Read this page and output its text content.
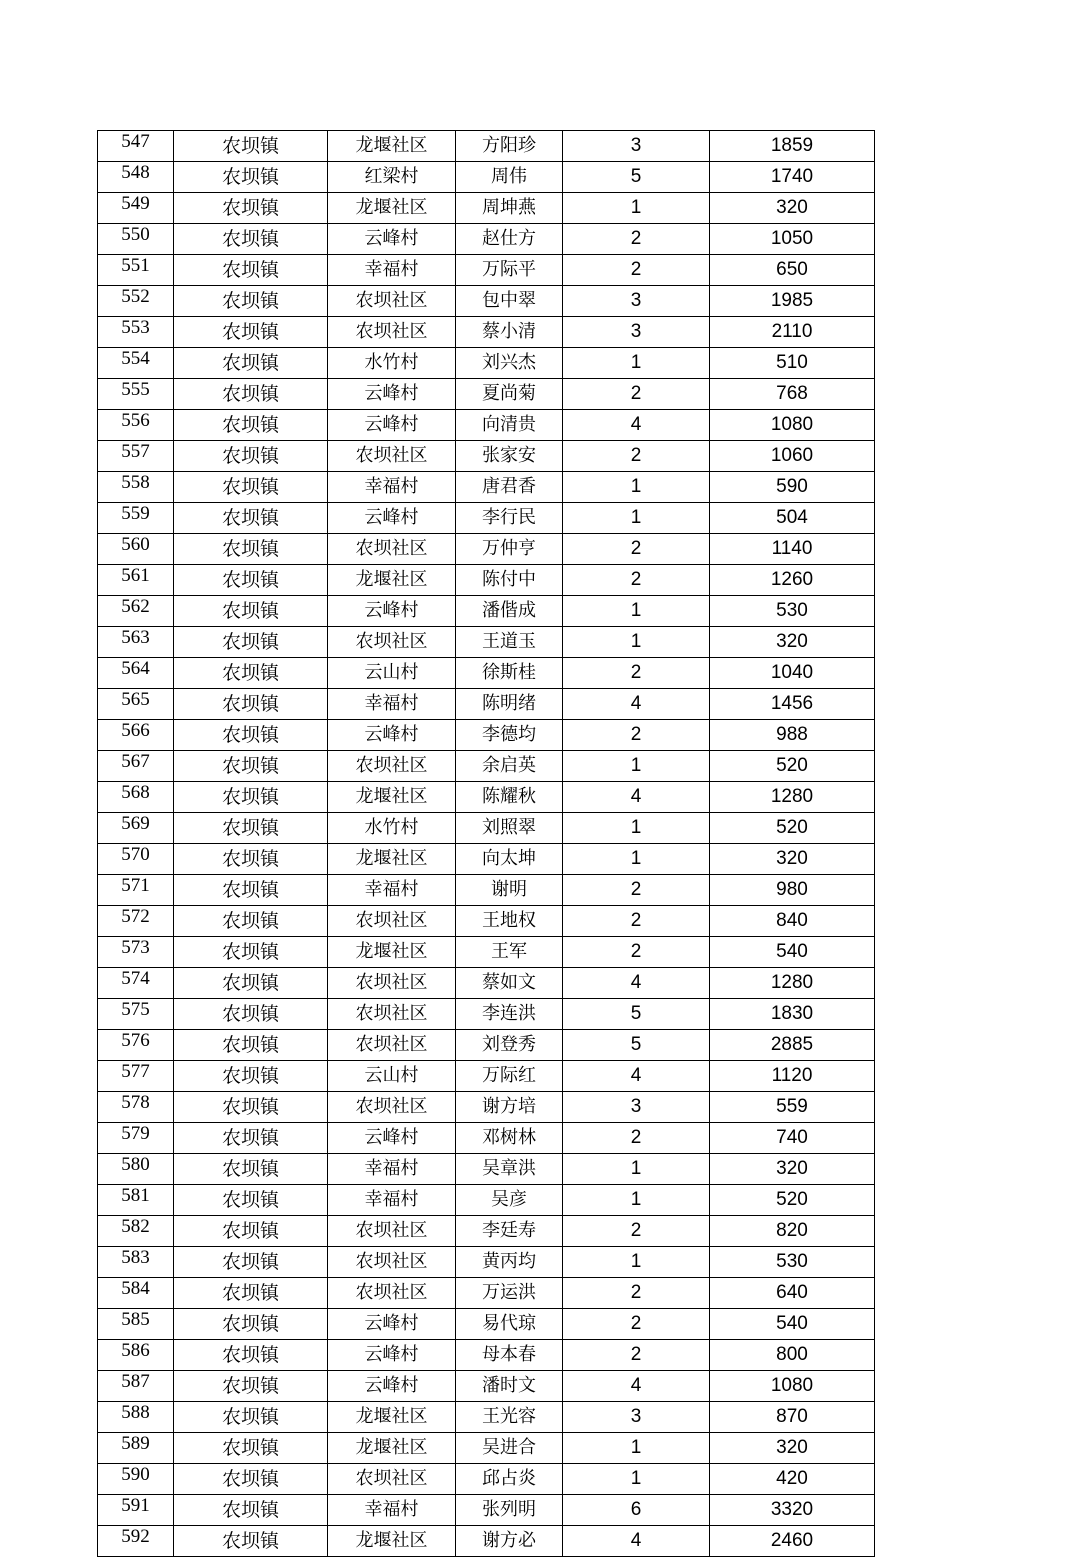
547	农坝镇	龙堰社区	方阳珍	3	1859
548	农坝镇	红梁村	周伟	5	1740
549	农坝镇	龙堰社区	周坤燕	1	320
550	农坝镇	云峰村	赵仕方	2	1050
551	农坝镇	幸福村	万际平	2	650
552	农坝镇	农坝社区	包中翠	3	1985
553	农坝镇	农坝社区	蔡小清	3	2110
554	农坝镇	水竹村	刘兴杰	1	510
555	农坝镇	云峰村	夏尚菊	2	768
556	农坝镇	云峰村	向清贵	4	1080
557	农坝镇	农坝社区	张家安	2	1060
558	农坝镇	幸福村	唐君香	1	590
559	农坝镇	云峰村	李行民	1	504
560	农坝镇	农坝社区	万仲亨	2	1140
561	农坝镇	龙堰社区	陈付中	2	1260
562	农坝镇	云峰村	潘偕成	1	530
563	农坝镇	农坝社区	王道玉	1	320
564	农坝镇	云山村	徐斯桂	2	1040
565	农坝镇	幸福村	陈明绪	4	1456
566	农坝镇	云峰村	李德均	2	988
567	农坝镇	农坝社区	余启英	1	520
568	农坝镇	龙堰社区	陈耀秋	4	1280
569	农坝镇	水竹村	刘照翠	1	520
570	农坝镇	龙堰社区	向太坤	1	320
571	农坝镇	幸福村	谢明	2	980
572	农坝镇	农坝社区	王地权	2	840
573	农坝镇	龙堰社区	王军	2	540
574	农坝镇	农坝社区	蔡如文	4	1280
575	农坝镇	农坝社区	李连洪	5	1830
576	农坝镇	农坝社区	刘登秀	5	2885
577	农坝镇	云山村	万际红	4	1120
578	农坝镇	农坝社区	谢方培	3	559
579	农坝镇	云峰村	邓树林	2	740
580	农坝镇	幸福村	吴章洪	1	320
581	农坝镇	幸福村	吴彦	1	520
582	农坝镇	农坝社区	李廷寿	2	820
583	农坝镇	农坝社区	黄丙均	1	530
584	农坝镇	农坝社区	万运洪	2	640
585	农坝镇	云峰村	易代琼	2	540
586	农坝镇	云峰村	母本春	2	800
587	农坝镇	云峰村	潘时文	4	1080
588	农坝镇	龙堰社区	王光容	3	870
589	农坝镇	龙堰社区	吴进合	1	320
590	农坝镇	农坝社区	邱占炎	1	420
591	农坝镇	幸福村	张列明	6	3320
592	农坝镇	龙堰社区	谢方必	4	2460
